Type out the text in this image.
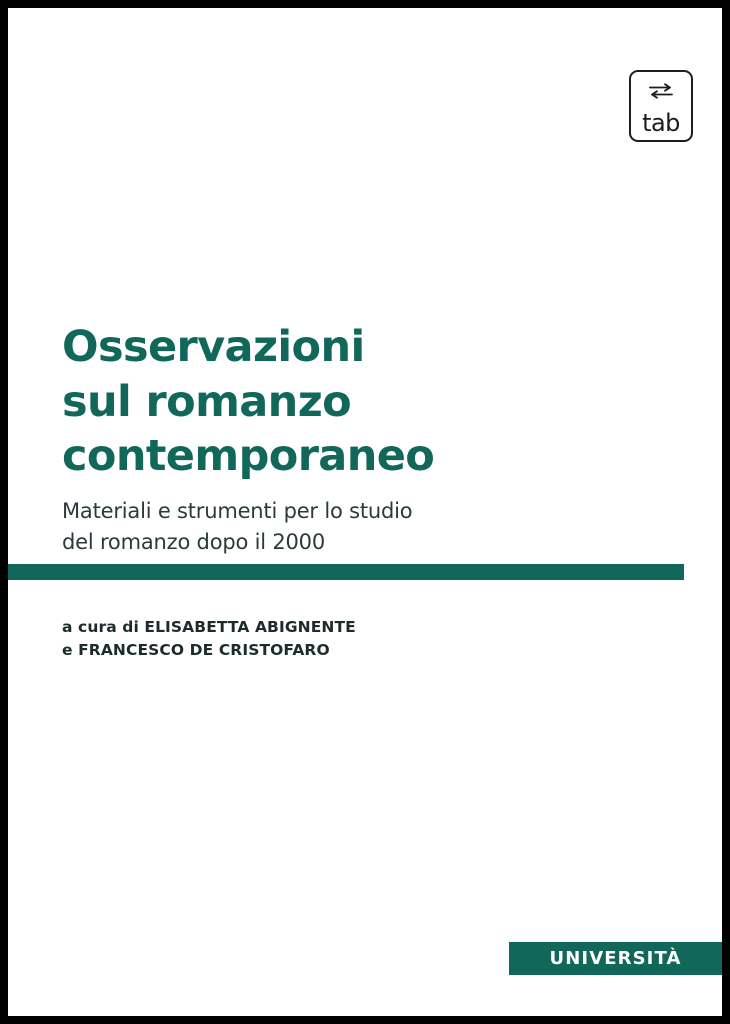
tab
Osservazioni
sul romanzo
contemporaneo
Materiali e strumenti per lo studio
del romanzo dopo il 2000
a cura di ELISABETTA ABIGNENTE
e FRANCESCO DE CRISTOFARO
UNIVERSITÀ
